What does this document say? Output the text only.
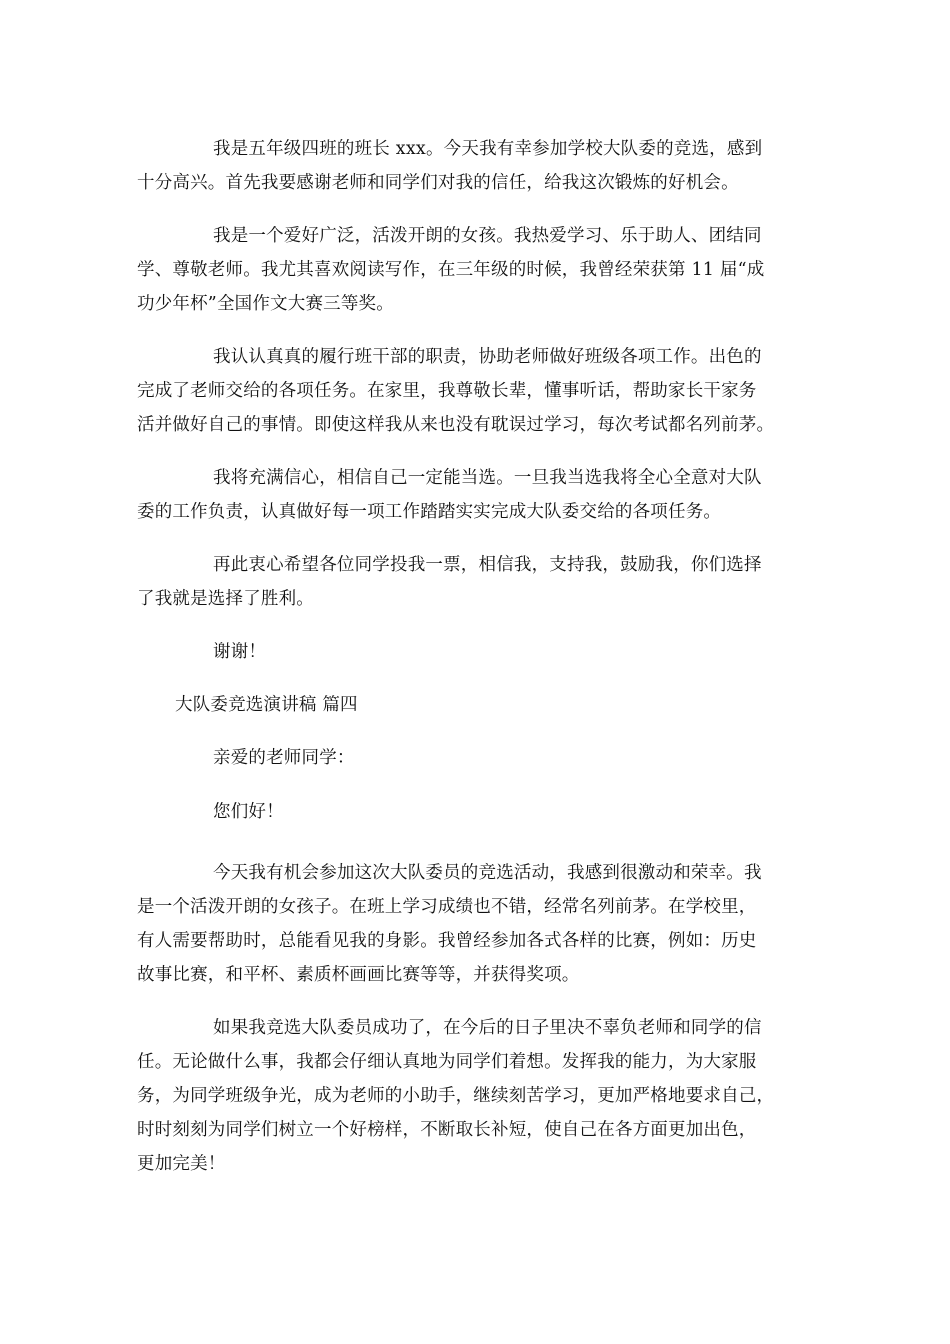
我是五年级四班的班长 xxx。今天我有幸参加学校大队委的竞选，感到
十分高兴。首先我要感谢老师和同学们对我的信任，给我这次锻炼的好机会。
我是一个爱好广泛，活泼开朗的女孩。我热爱学习、乐于助人、团结同
学、尊敬老师。我尤其喜欢阅读写作，在三年级的时候，我曾经荣获第 11 届“成
功少年杯”全国作文大赛三等奖。
我认认真真的履行班干部的职责，协助老师做好班级各项工作。出色的
完成了老师交给的各项任务。在家里，我尊敬长辈，懂事听话，帮助家长干家务
活并做好自己的事情。即使这样我从来也没有耽误过学习，每次考试都名列前茅。
我将充满信心，相信自己一定能当选。一旦我当选我将全心全意对大队
委的工作负责，认真做好每一项工作踏踏实实完成大队委交给的各项任务。
再此衷心希望各位同学投我一票，相信我，支持我，鼓励我，你们选择
了我就是选择了胜利。
谢谢！
大队委竞选演讲稿 篇四
亲爱的老师同学：
您们好！
今天我有机会参加这次大队委员的竞选活动，我感到很激动和荣幸。我
是一个活泼开朗的女孩子。在班上学习成绩也不错，经常名列前茅。在学校里，
有人需要帮助时，总能看见我的身影。我曾经参加各式各样的比赛，例如：历史
故事比赛，和平杯、素质杯画画比赛等等，并获得奖项。
如果我竞选大队委员成功了，在今后的日子里决不辜负老师和同学的信
任。无论做什么事，我都会仔细认真地为同学们着想。发挥我的能力，为大家服
务，为同学班级争光，成为老师的小助手，继续刻苦学习，更加严格地要求自己，
时时刻刻为同学们树立一个好榜样，不断取长补短，使自己在各方面更加出色，
更加完美！
